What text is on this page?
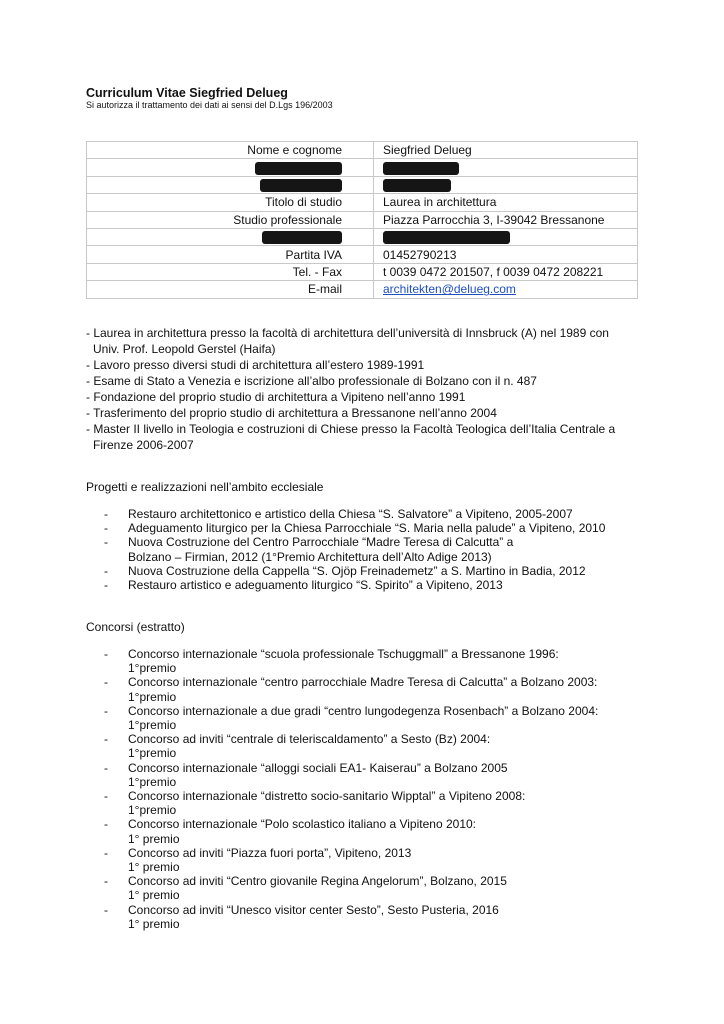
Curriculum Vitae Siegfried Delueg
Si autorizza il trattamento dei dati ai sensi del D.Lgs 196/2003
Nome e cognome	Siegfried Delueg

Titolo di studio	Laurea in architettura
Studio professionale	Piazza Parrocchia 3, I-39042 Bressanone

Partita IVA	01452790213
Tel. - Fax	t 0039 0472 201507, f 0039 0472 208221
E-mail	architekten@delueg.com
- Laurea in architettura presso la facoltà di architettura dell’università di Innsbruck (A) nel 1989 con
Univ. Prof. Leopold Gerstel (Haifa)
- Lavoro presso diversi studi di architettura all’estero 1989-1991
- Esame di Stato a Venezia e iscrizione all’albo professionale di Bolzano con il n. 487
- Fondazione del proprio studio di architettura a Vipiteno nell’anno 1991
- Trasferimento del proprio studio di architettura a Bressanone nell’anno 2004
- Master II livello in Teologia e costruzioni di Chiese presso la Facoltà Teologica dell’Italia Centrale a
Firenze 2006-2007
Progetti e realizzazioni nell’ambito ecclesiale
- Restauro architettonico e artistico della Chiesa “S. Salvatore” a Vipiteno, 2005-2007
- Adeguamento liturgico per la Chiesa Parrocchiale “S. Maria nella palude” a Vipiteno, 2010
- Nuova Costruzione del Centro Parrocchiale “Madre Teresa di Calcutta” a
Bolzano – Firmian, 2012 (1°Premio Architettura dell’Alto Adige 2013)
- Nuova Costruzione della Cappella “S. Ojöp Freinademetz” a S. Martino in Badia, 2012
- Restauro artistico e adeguamento liturgico “S. Spirito” a Vipiteno, 2013
Concorsi (estratto)
- Concorso internazionale “scuola professionale Tschuggmall” a Bressanone 1996:
1°premio
- Concorso internazionale “centro parrocchiale Madre Teresa di Calcutta” a Bolzano 2003:
1°premio
- Concorso internazionale a due gradi “centro lungodegenza Rosenbach” a Bolzano 2004:
1°premio
- Concorso ad inviti “centrale di teleriscaldamento” a Sesto (Bz) 2004:
1°premio
- Concorso internazionale “alloggi sociali EA1- Kaiserau” a Bolzano 2005
1°premio
- Concorso internazionale “distretto socio-sanitario Wipptal” a Vipiteno 2008:
1°premio
- Concorso internazionale “Polo scolastico italiano a Vipiteno 2010:
1° premio
- Concorso ad inviti “Piazza fuori porta”, Vipiteno, 2013
1° premio
- Concorso ad inviti “Centro giovanile Regina Angelorum”, Bolzano, 2015
1° premio
- Concorso ad inviti “Unesco visitor center Sesto”, Sesto Pusteria, 2016
1° premio
